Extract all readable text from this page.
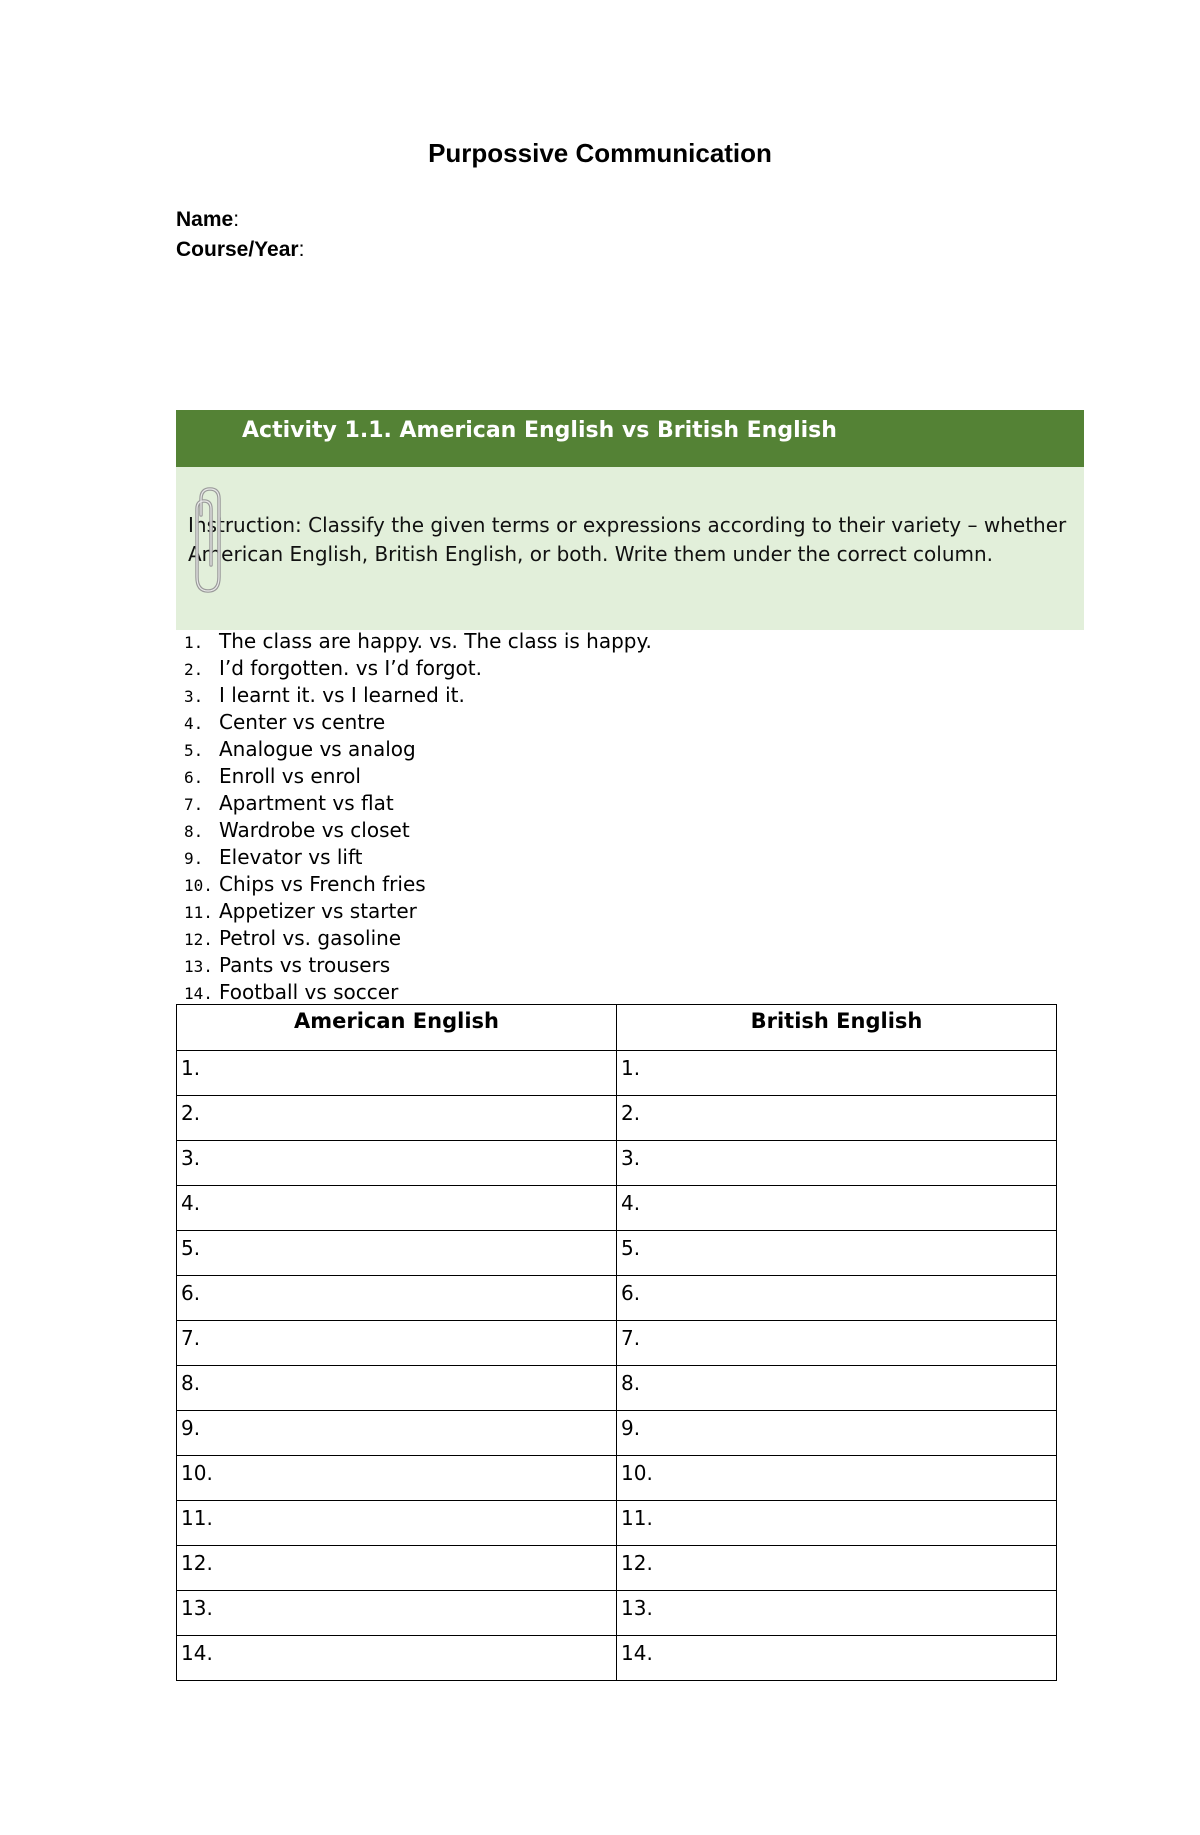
Purpossive Communication
Name:
Course/Year:
Activity 1.1. American English vs British English
Instruction: Classify the given terms or expressions according to their variety – whether American English, British English, or both. Write them under the correct column.
1. The class are happy. vs. The class is happy.
2. I’d forgotten. vs I’d forgot.
3. I learnt it. vs I learned it.
4. Center vs centre
5. Analogue vs analog
6. Enroll vs enrol
7. Apartment vs flat
8. Wardrobe vs closet
9. Elevator vs lift
10. Chips vs French fries
11. Appetizer vs starter
12. Petrol vs. gasoline
13. Pants vs trousers
14. Football vs soccer
American English	British English
1.	1.
2.	2.
3.	3.
4.	4.
5.	5.
6.	6.
7.	7.
8.	8.
9.	9.
10.	10.
11.	11.
12.	12.
13.	13.
14.	14.
